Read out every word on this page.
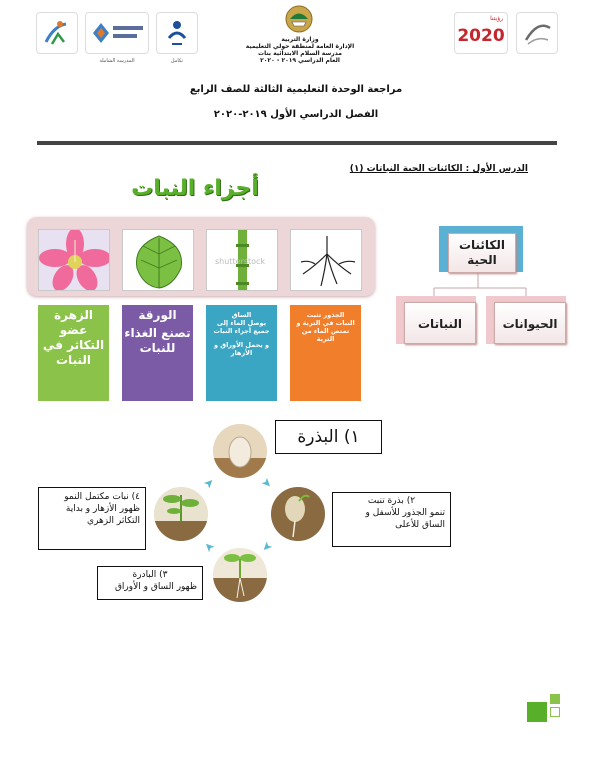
المدرسة الشاملة	تكامل
وزارة التربية
الإدارة العامة لمنطقة حولي التعليمية
مدرسة السلام الابتدائية بنات
العام الدراسي ٢٠١٩ - ٢٠٢٠
رؤيتنا
2020
مراجعة الوحدة التعليمية الثالثة للصف الرابع
الفصل الدراسي الأول ٢٠١٩-٢٠٢٠
الدرس الأول : الكائنات الحية النباتات (١)
أجزاء النبات
shutterstock
الزهرة
عضو التكاثر في النبات
الورقة
تصنع الغذاء للنبات
الساق
يوصل الماء إلى جميع أجزاء النبات
و يحمل الأوراق و الأزهار
الجذور تثبت
النبات في التربة و تمتص الماء من التربة
الكائنات الحية
النباتات	الحيوانات
١) البذرة
➤
➤
➤
➤
٢) بذرة تنبت
تنمو الجذور للأسفل و
الساق للأعلى
٣) البادرة
ظهور الساق و الأوراق
٤) نبات مكتمل النمو
ظهور الأزهار و بداية
التكاثر الزهري
